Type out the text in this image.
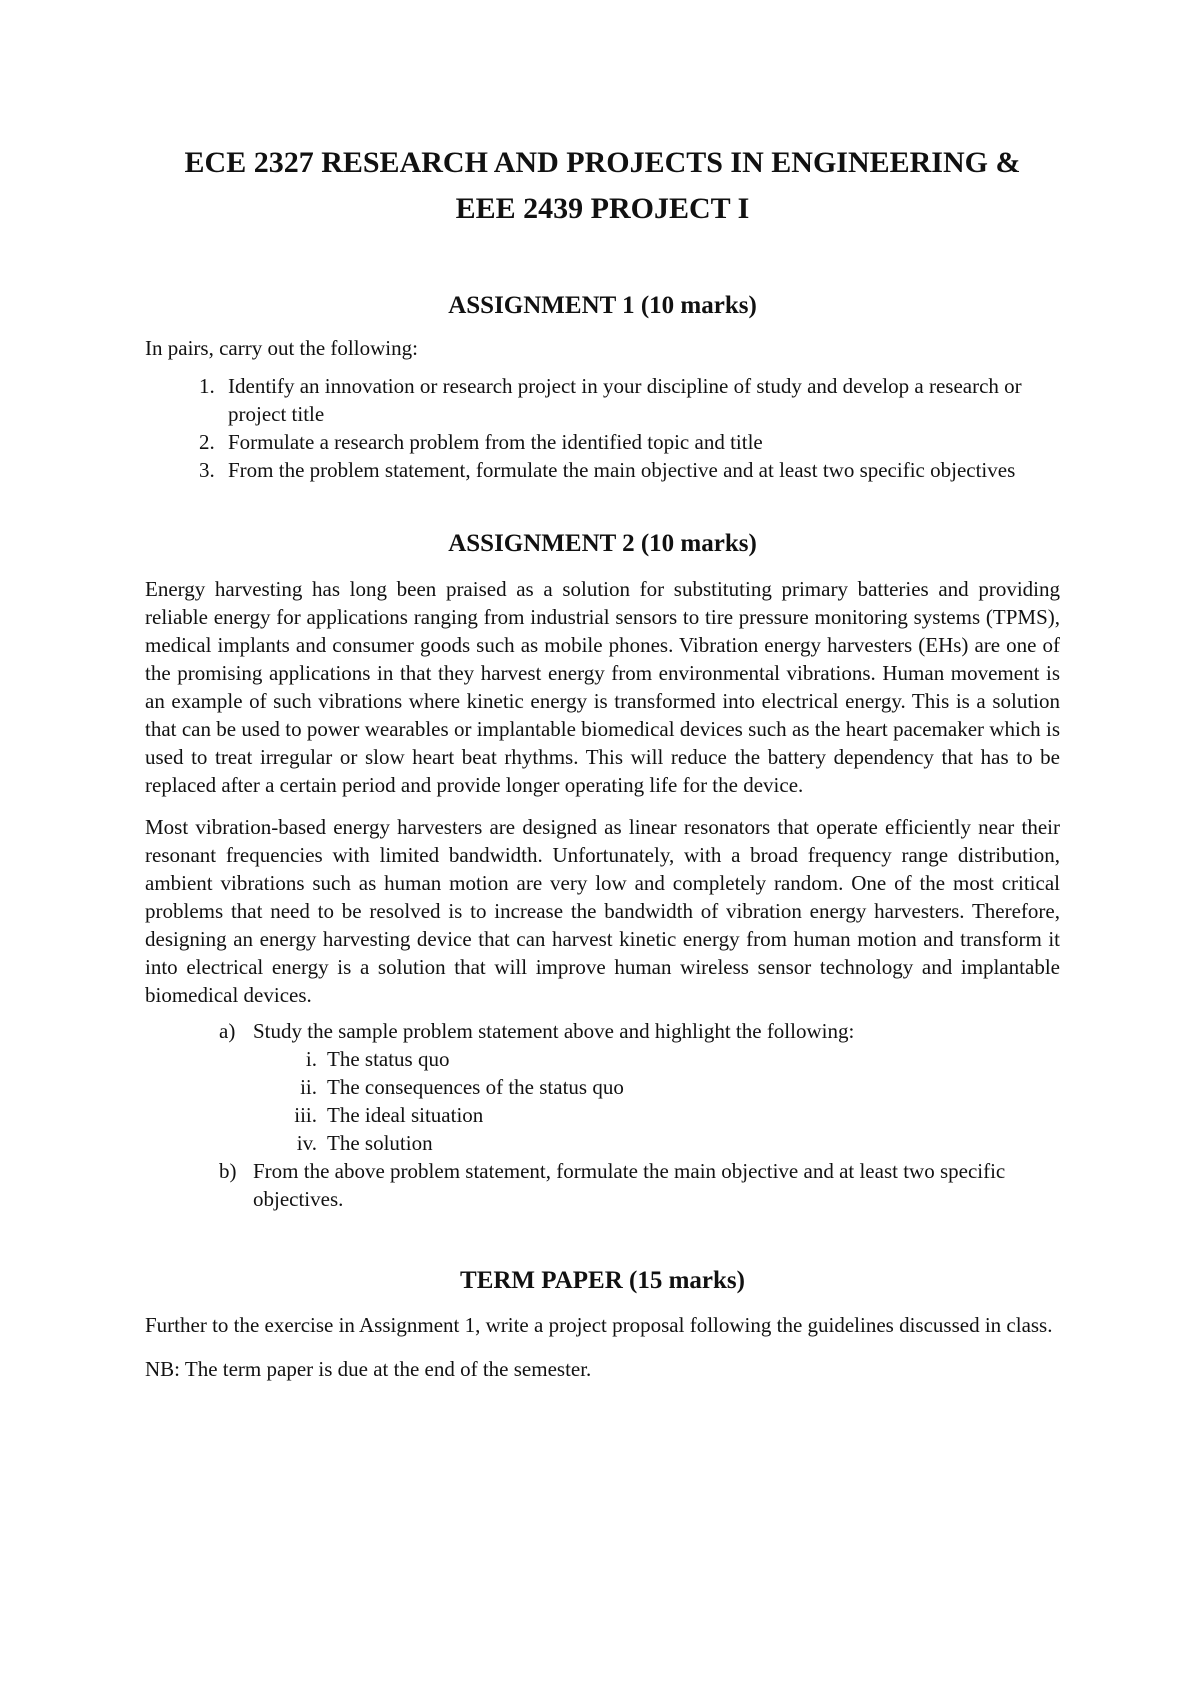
ECE 2327 RESEARCH AND PROJECTS IN ENGINEERING &
EEE 2439 PROJECT I
ASSIGNMENT 1 (10 marks)

In pairs, carry out the following:

1. Identify an innovation or research project in your discipline of study and develop a research or project title
2. Formulate a research problem from the identified topic and title
3. From the problem statement, formulate the main objective and at least two specific objectives
ASSIGNMENT 2 (10 marks)

Energy harvesting has long been praised as a solution for substituting primary batteries and providing reliable energy for applications ranging from industrial sensors to tire pressure monitoring systems (TPMS), medical implants and consumer goods such as mobile phones. Vibration energy harvesters (EHs) are one of the promising applications in that they harvest energy from environmental vibrations. Human movement is an example of such vibrations where kinetic energy is transformed into electrical energy. This is a solution that can be used to power wearables or implantable biomedical devices such as the heart pacemaker which is used to treat irregular or slow heart beat rhythms. This will reduce the battery dependency that has to be replaced after a certain period and provide longer operating life for the device.

Most vibration-based energy harvesters are designed as linear resonators that operate efficiently near their resonant frequencies with limited bandwidth. Unfortunately, with a broad frequency range distribution, ambient vibrations such as human motion are very low and completely random. One of the most critical problems that need to be resolved is to increase the bandwidth of vibration energy harvesters. Therefore, designing an energy harvesting device that can harvest kinetic energy from human motion and transform it into electrical energy is a solution that will improve human wireless sensor technology and implantable biomedical devices.

a) Study the sample problem statement above and highlight the following:
i. The status quo
ii. The consequences of the status quo
iii. The ideal situation
iv. The solution
b) From the above problem statement, formulate the main objective and at least two specific objectives.
TERM PAPER (15 marks)

Further to the exercise in Assignment 1, write a project proposal following the guidelines discussed in class.

NB: The term paper is due at the end of the semester.
